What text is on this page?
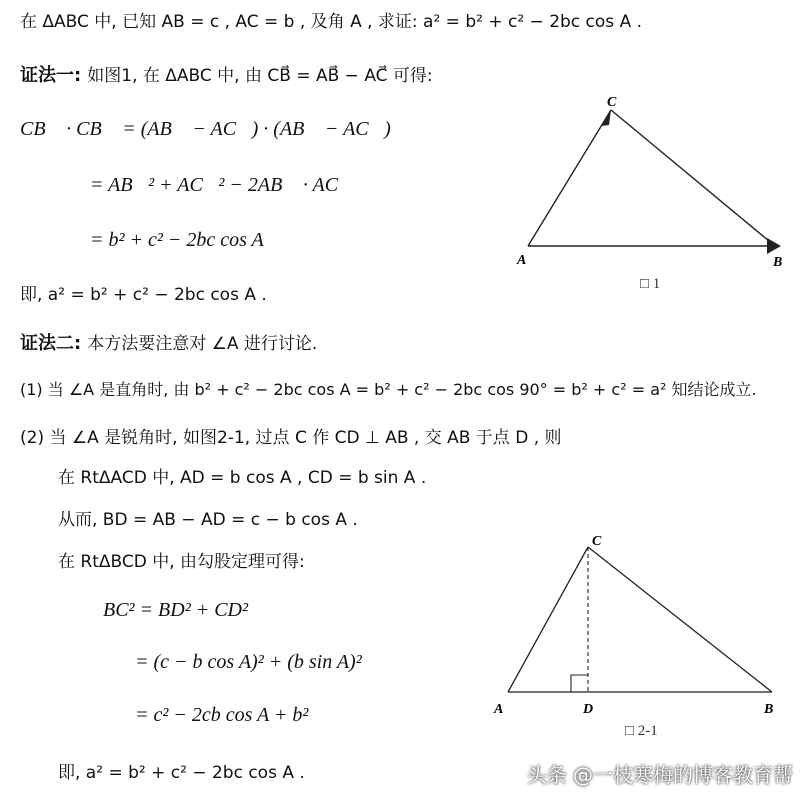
在 ΔABC 中, 已知 AB = c , AC = b , 及角 A , 求证: a² = b² + c² − 2bc cos A .
证法一: 如图1, 在 ΔABC 中, 由 CB⃗ = AB⃗ − AC⃗ 可得:
CB⃗ · CB⃗ = (AB⃗ − AC⃗) · (AB⃗ − AC⃗)
= AB⃗² + AC⃗² − 2AB⃗ · AC⃗
= b² + c² − 2bc cos A
即, a² = b² + c² − 2bc cos A .
C
A	B
□ 1
证法二: 本方法要注意对 ∠A 进行讨论.
(1) 当 ∠A 是直角时, 由 b² + c² − 2bc cos A = b² + c² − 2bc cos 90° = b² + c² = a² 知结论成立.
(2) 当 ∠A 是锐角时, 如图2-1, 过点 C 作 CD ⊥ AB , 交 AB 于点 D , 则
在 RtΔACD 中, AD = b cos A , CD = b sin A .
从而, BD = AB − AD = c − b cos A .
在 RtΔBCD 中, 由勾股定理可得:
BC² = BD² + CD²
= (c − b cos A)² + (b sin A)²
= c² − 2cb cos A + b²
即, a² = b² + c² − 2bc cos A .
C
A	D	B
□ 2-1
头条 @一枝寒梅的博客教育帮
